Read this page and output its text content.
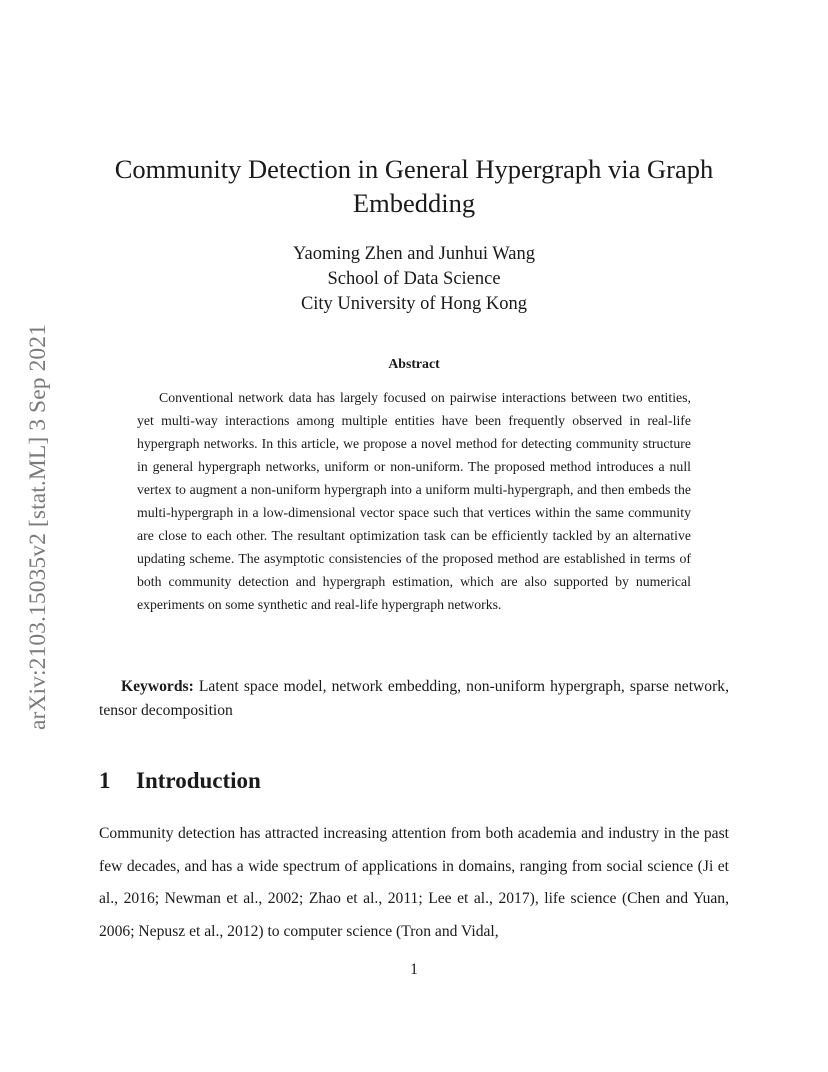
arXiv:2103.15035v2 [stat.ML] 3 Sep 2021
Community Detection in General Hypergraph via Graph Embedding
Yaoming Zhen and Junhui Wang
School of Data Science
City University of Hong Kong
Abstract

Conventional network data has largely focused on pairwise interactions between two entities, yet multi-way interactions among multiple entities have been frequently observed in real-life hypergraph networks. In this article, we propose a novel method for detecting community structure in general hypergraph networks, uniform or non-uniform. The proposed method introduces a null vertex to augment a non-uniform hypergraph into a uniform multi-hypergraph, and then embeds the multi-hypergraph in a low-dimensional vector space such that vertices within the same community are close to each other. The resultant optimization task can be efficiently tackled by an alternative updating scheme. The asymptotic consistencies of the proposed method are established in terms of both community detection and hypergraph estimation, which are also supported by numerical experiments on some synthetic and real-life hypergraph networks.

Keywords: Latent space model, network embedding, non-uniform hypergraph, sparse network, tensor decomposition

1 Introduction

Community detection has attracted increasing attention from both academia and industry in the past few decades, and has a wide spectrum of applications in domains, ranging from social science (Ji et al., 2016; Newman et al., 2002; Zhao et al., 2011; Lee et al., 2017), life science (Chen and Yuan, 2006; Nepusz et al., 2012) to computer science (Tron and Vidal,

1
